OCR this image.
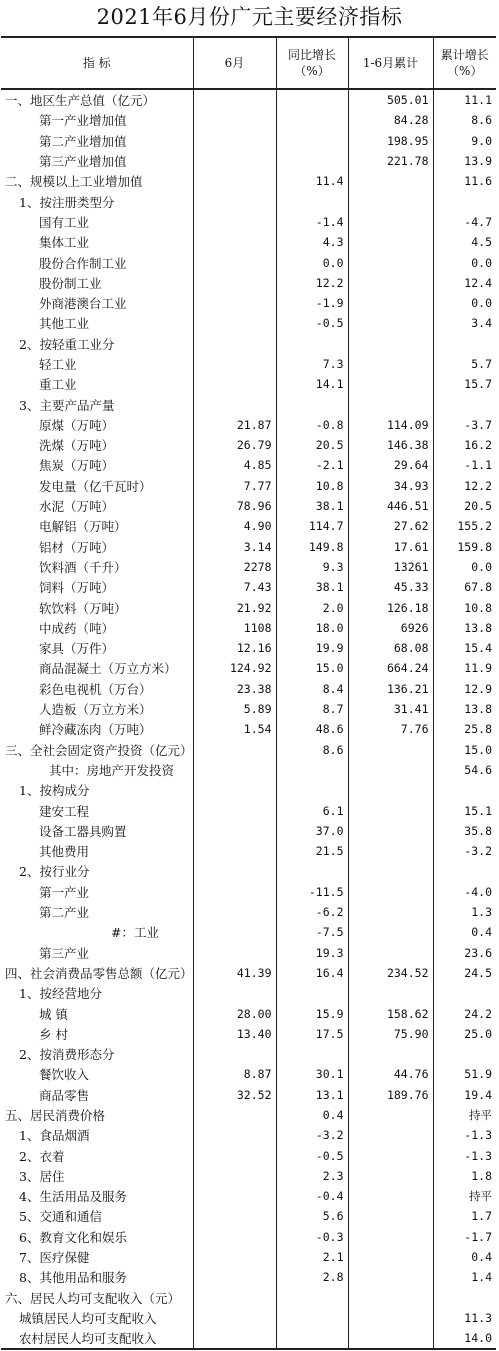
2021年6月份广元主要经济指标
指 标	6月	同比增长（%）	1-6月累计	累计增长（%）
一、地区生产总值（亿元）			505.01	11.1
第一产业增加值			84.28	8.6
第二产业增加值			198.95	9.0
第三产业增加值			221.78	13.9
二、规模以上工业增加值		11.4		11.6
1、按注册类型分				
国有工业		-1.4		-4.7
集体工业		4.3		4.5
股份合作制工业		0.0		0.0
股份制工业		12.2		12.4
外商港澳台工业		-1.9		0.0
其他工业		-0.5		3.4
2、按轻重工业分				
轻工业		7.3		5.7
重工业		14.1		15.7
3、主要产品产量				
原煤（万吨）	21.87	-0.8	114.09	-3.7
洗煤（万吨）	26.79	20.5	146.38	16.2
焦炭（万吨）	4.85	-2.1	29.64	-1.1
发电量（亿千瓦时）	7.77	10.8	34.93	12.2
水泥（万吨）	78.96	38.1	446.51	20.5
电解铝（万吨）	4.90	114.7	27.62	155.2
铝材（万吨）	3.14	149.8	17.61	159.8
饮料酒（千升）	2278	9.3	13261	0.0
饲料（万吨）	7.43	38.1	45.33	67.8
软饮料（万吨）	21.92	2.0	126.18	10.8
中成药（吨）	1108	18.0	6926	13.8
家具（万件）	12.16	19.9	68.08	15.4
商品混凝土（万立方米）	124.92	15.0	664.24	11.9
彩色电视机（万台）	23.38	8.4	136.21	12.9
人造板（万立方米）	5.89	8.7	31.41	13.8
鲜冷藏冻肉（万吨）	1.54	48.6	7.76	25.8
三、全社会固定资产投资（亿元）		8.6		15.0
其中：房地产开发投资				54.6
1、按构成分				
建安工程		6.1		15.1
设备工器具购置		37.0		35.8
其他费用		21.5		-3.2
2、按行业分				
第一产业		-11.5		-4.0
第二产业		-6.2		1.3
#：工业		-7.5		0.4
第三产业		19.3		23.6
四、社会消费品零售总额（亿元）	41.39	16.4	234.52	24.5
1、按经营地分				
城 镇	28.00	15.9	158.62	24.2
乡 村	13.40	17.5	75.90	25.0
2、按消费形态分				
餐饮收入	8.87	30.1	44.76	51.9
商品零售	32.52	13.1	189.76	19.4
五、居民消费价格		0.4		持平
1、食品烟酒		-3.2		-1.3
2、衣着		-0.5		-1.3
3、居住		2.3		1.8
4、生活用品及服务		-0.4		持平
5、交通和通信		5.6		1.7
6、教育文化和娱乐		-0.3		-1.7
7、医疗保健		2.1		0.4
8、其他用品和服务		2.8		1.4
六、居民人均可支配收入（元）				
城镇居民人均可支配收入				11.3
农村居民人均可支配收入				14.0
